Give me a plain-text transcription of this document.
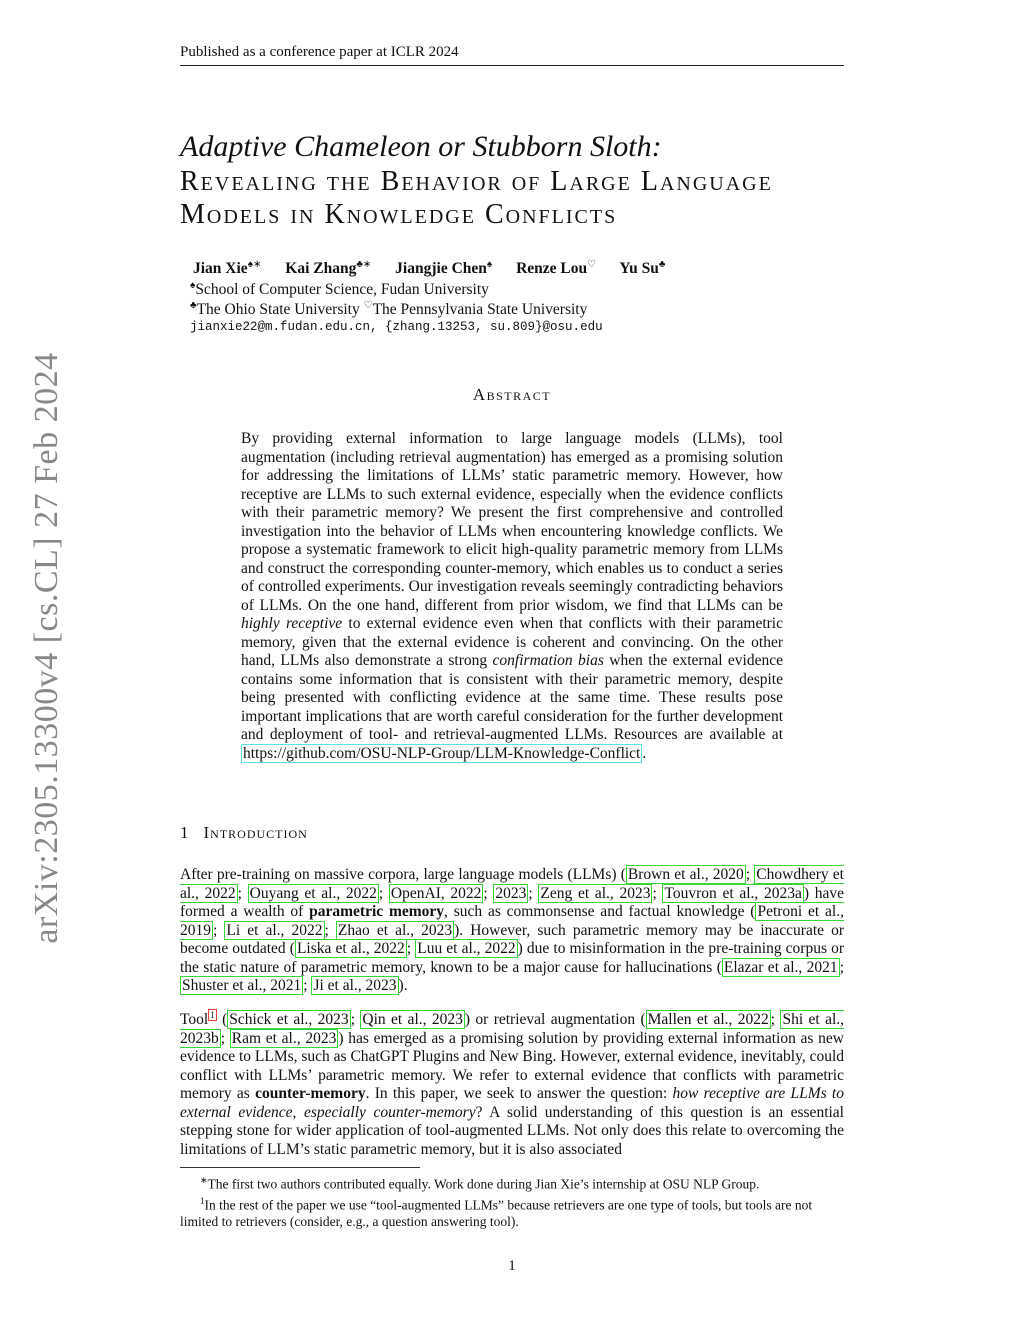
Published as a conference paper at ICLR 2024
arXiv:2305.13300v4 [cs.CL] 27 Feb 2024
Adaptive Chameleon or Stubborn Sloth:
Revealing the Behavior of Large Language
Models in Knowledge Conflicts
Jian Xie♠∗ Kai Zhang♣∗ Jiangjie Chen♠ Renze Lou♡ Yu Su♣
♠School of Computer Science, Fudan University
♣The Ohio State University ♡The Pennsylvania State University
jianxie22@m.fudan.edu.cn, {zhang.13253, su.809}@osu.edu
Abstract
By providing external information to large language models (LLMs), tool augmentation (including retrieval augmentation) has emerged as a promising solution for addressing the limitations of LLMs’ static parametric memory. However, how receptive are LLMs to such external evidence, especially when the evidence conflicts with their parametric memory? We present the first comprehensive and controlled investigation into the behavior of LLMs when encountering knowledge conflicts. We propose a systematic framework to elicit high-quality parametric memory from LLMs and construct the corresponding counter-memory, which enables us to conduct a series of controlled experiments. Our investigation reveals seemingly contradicting behaviors of LLMs. On the one hand, different from prior wisdom, we find that LLMs can be highly receptive to external evidence even when that conflicts with their parametric memory, given that the external evidence is coherent and convincing. On the other hand, LLMs also demonstrate a strong confirmation bias when the external evidence contains some information that is consistent with their parametric memory, despite being presented with conflicting evidence at the same time. These results pose important implications that are worth careful consideration for the further development and deployment of tool- and retrieval-augmented LLMs. Resources are available at https://github.com/OSU-NLP-Group/LLM-Knowledge-Conflict .
1 Introduction
After pre-training on massive corpora, large language models (LLMs) ( Brown et al., 2020 ; Chowdhery et al., 2022 ; Ouyang et al., 2022 ; OpenAI, 2022 ; 2023 ; Zeng et al., 2023 ; Touvron et al., 2023a ) have formed a wealth of parametric memory, such as commonsense and factual knowledge ( Petroni et al., 2019 ; Li et al., 2022 ; Zhao et al., 2023 ). However, such parametric memory may be inaccurate or become outdated ( Liska et al., 2022 ; Luu et al., 2022 ) due to misinformation in the pre-training corpus or the static nature of parametric memory, known to be a major cause for hallucinations ( Elazar et al., 2021 ; Shuster et al., 2021 ; Ji et al., 2023 ).
Tool $^1$ ( Schick et al., 2023 ; Qin et al., 2023 ) or retrieval augmentation ( Mallen et al., 2022 ; Shi et al., 2023b ; Ram et al., 2023 ) has emerged as a promising solution by providing external information as new evidence to LLMs, such as ChatGPT Plugins and New Bing. However, external evidence, inevitably, could conflict with LLMs’ parametric memory. We refer to external evidence that conflicts with parametric memory as counter-memory. In this paper, we seek to answer the question: how receptive are LLMs to external evidence, especially counter-memory? A solid understanding of this question is an essential stepping stone for wider application of tool-augmented LLMs. Not only does this relate to overcoming the limitations of LLM’s static parametric memory, but it is also associated
∗The first two authors contributed equally. Work done during Jian Xie’s internship at OSU NLP Group.
$^1$In the rest of the paper we use “tool-augmented LLMs” because retrievers are one type of tools, but tools are not limited to retrievers (consider, e.g., a question answering tool).
1
